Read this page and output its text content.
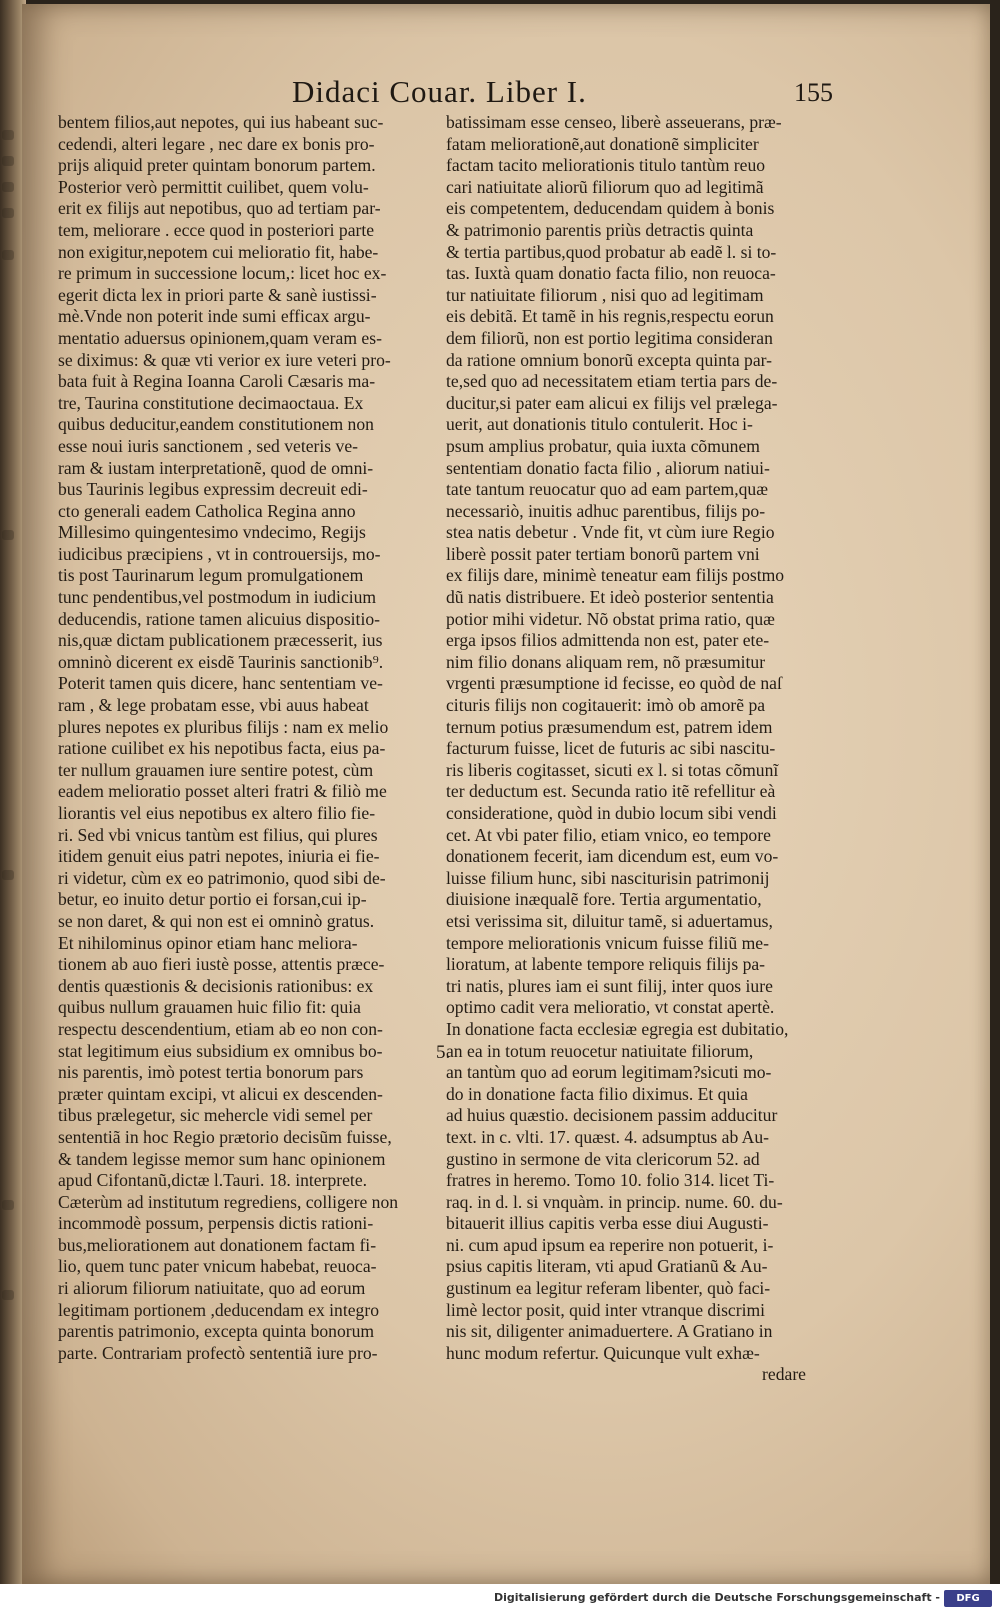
Didaci Couar. Liber I.	155
bentem filios,aut nepotes, qui ius habeant suc-
cedendi, alteri legare , nec dare ex bonis pro-
prijs aliquid preter quintam bonorum partem.
Posterior verò permittit cuilibet, quem volu-
erit ex filijs aut nepotibus, quo ad tertiam par-
tem, meliorare . ecce quod in posteriori parte
non exigitur,nepotem cui melioratio fit, habe-
re primum in successione locum,: licet hoc ex-
egerit dicta lex in priori parte & sanè iustissi-
mè.Vnde non poterit inde sumi efficax argu-
mentatio aduersus opinionem,quam veram es-
se diximus: & quæ vti verior ex iure veteri pro-
bata fuit à Regina Ioanna Caroli Cæsaris ma-
tre, Taurina constitutione decimaoctaua. Ex
quibus deducitur,eandem constitutionem non
esse noui iuris sanctionem , sed veteris ve-
ram & iustam interpretationẽ, quod de omni-
bus Taurinis legibus expressim decreuit edi-
cto generali eadem Catholica Regina anno
Millesimo quingentesimo vndecimo, Regijs
iudicibus præcipiens , vt in controuersijs, mo-
tis post Taurinarum legum promulgationem
tunc pendentibus,vel postmodum in iudicium
deducendis, ratione tamen alicuius dispositio-
nis,quæ dictam publicationem præcesserit, ius
omninò dicerent ex eisdẽ Taurinis sanctionib⁹.
Poterit tamen quis dicere, hanc sententiam ve-
ram , & lege probatam esse, vbi auus habeat
plures nepotes ex pluribus filijs : nam ex melio
ratione cuilibet ex his nepotibus facta, eius pa-
ter nullum grauamen iure sentire potest, cùm
eadem melioratio posset alteri fratri & filiò me
liorantis vel eius nepotibus ex altero filio fie-
ri. Sed vbi vnicus tantùm est filius, qui plures
itidem genuit eius patri nepotes, iniuria ei fie-
ri videtur, cùm ex eo patrimonio, quod sibi de-
betur, eo inuito detur portio ei forsan,cui ip-
se non daret, & qui non est ei omninò gratus.
Et nihilominus opinor etiam hanc meliora-
tionem ab auo fieri iustè posse, attentis præce-
dentis quæstionis & decisionis rationibus: ex
quibus nullum grauamen huic filio fit: quia
respectu descendentium, etiam ab eo non con-
stat legitimum eius subsidium ex omnibus bo-
nis parentis, imò potest tertia bonorum pars
præter quintam excipi, vt alicui ex descenden-
tibus prælegetur, sic mehercle vidi semel per
sententiã in hoc Regio prætorio decisũm fuisse,
& tandem legisse memor sum hanc opinionem
apud Cifontanũ,dictæ l.Tauri. 18. interprete.
Cæterùm ad institutum regrediens, colligere non
incommodè possum, perpensis dictis rationi-
bus,meliorationem aut donationem factam fi-
lio, quem tunc pater vnicum habebat, reuoca-
ri aliorum filiorum natiuitate, quo ad eorum
legitimam portionem ,deducendam ex integro
parentis patrimonio, excepta quinta bonorum
parte. Contrariam profectò sententiã iure pro-
batissimam esse censeo, liberè asseuerans, præ-
fatam meliorationẽ,aut donationẽ simpliciter
factam tacito meliorationis titulo tantùm reuo
cari natiuitate aliorũ filiorum quo ad legitimã
eis competentem, deducendam quidem à bonis
& patrimonio parentis priùs detractis quinta
& tertia partibus,quod probatur ab eadẽ l. si to-
tas. Iuxtà quam donatio facta filio, non reuoca-
tur natiuitate filiorum , nisi quo ad legitimam
eis debitã. Et tamẽ in his regnis,respectu eorun
dem filiorũ, non est portio legitima consideran
da ratione omnium bonorũ excepta quinta par-
te,sed quo ad necessitatem etiam tertia pars de-
ducitur,si pater eam alicui ex filijs vel prælega-
uerit, aut donationis titulo contulerit. Hoc i-
psum amplius probatur, quia iuxta cõmunem
sententiam donatio facta filio , aliorum natiui-
tate tantum reuocatur quo ad eam partem,quæ
necessariò, inuitis adhuc parentibus, filijs po-
stea natis debetur . Vnde fit, vt cùm iure Regio
liberè possit pater tertiam bonorũ partem vni
ex filijs dare, minimè teneatur eam filijs postmo
dũ natis distribuere. Et ideò posterior sententia
potior mihi videtur. Nõ obstat prima ratio, quæ
erga ipsos filios admittenda non est, pater ete-
nim filio donans aliquam rem, nõ præsumitur
vrgenti præsumptione id fecisse, eo quòd de naſ
cituris filijs non cogitauerit: imò ob amorẽ pa
ternum potius præsumendum est, patrem idem
facturum fuisse, licet de futuris ac sibi nascitu-
ris liberis cogitasset, sicuti ex l. si totas cõmunĩ
ter deductum est. Secunda ratio itẽ refellitur eà
consideratione, quòd in dubio locum sibi vendi
cet. At vbi pater filio, etiam vnico, eo tempore
donationem fecerit, iam dicendum est, eum vo-
luisse filium hunc, sibi nasciturisin patrimonij
diuisione inæqualẽ fore. Tertia argumentatio,
etsi verissima sit, diluitur tamẽ, si aduertamus,
tempore meliorationis vnicum fuisse filiũ me-
lioratum, at labente tempore reliquis filijs pa-
tri natis, plures iam ei sunt filij, inter quos iure
optimo cadit vera melioratio, vt constat apertè.
In donatione facta ecclesiæ egregia est dubitatio,
an ea in totum reuocetur natiuitate filiorum,
an tantùm quo ad eorum legitimam?sicuti mo-
do in donatione facta filio diximus. Et quia
ad huius quæstio. decisionem passim adducitur
text. in c. vlti. 17. quæst. 4. adsumptus ab Au-
gustino in sermone de vita clericorum 52. ad
fratres in heremo. Tomo 10. folio 314. licet Ti-
raq. in d. l. si vnquàm. in princip. nume. 60. du-
bitauerit illius capitis verba esse diui Augusti-
ni. cum apud ipsum ea reperire non potuerit, i-
psius capitis literam, vti apud Gratianũ & Au-
gustinum ea legitur referam libenter, quò faci-
limè lector posit, quid inter vtranque discrimi
nis sit, diligenter animaduertere. A Gratiano in
hunc modum refertur. Quicunque vult exhæ-
redare
5.
Digitalisierung gefördert durch die Deutsche Forschungsgemeinschaft -	DFG
